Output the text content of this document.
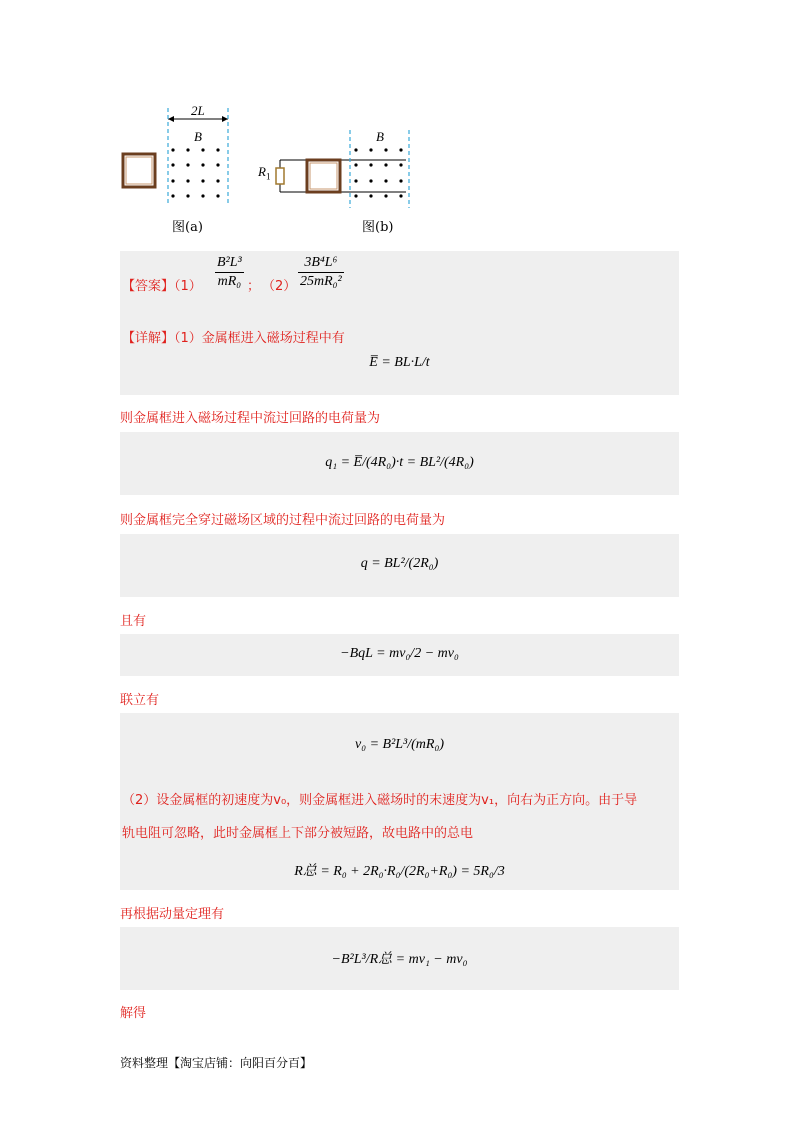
2L
B	B
$R_1$
图(a)	图(b)
【答案】$(1) \frac{\text{B²L³}}{\text{mR₀}}$ ； $(2) \frac{\text{3B⁴L⁶}}{\text{25mR₀²}}$
【详解】（1）金属框进入磁场过程中有
E̅ = BL·L/t
则金属框进入磁场过程中流过回路的电荷量为
q₁ = E̅/(4R₀)·t = BL²/(4R₀)
则金属框完全穿过磁场区域的过程中流过回路的电荷量为
q = BL²/(2R₀)
且有
−BqL = mv₀/2 − mv₀
联立有
v₀ = B²L³/(mR₀)
（2）设金属框的初速度为v₀，则金属框进入磁场时的末速度为v₁，向右为正方向。由于导
轨电阻可忽略，此时金属框上下部分被短路，故电路中的总电
R总 = R₀ + 2R₀·R₀/(2R₀+R₀) = 5R₀/3
再根据动量定理有
−B²L³/R总 = mv₁ − mv₀
解得
资料整理【淘宝店铺：向阳百分百】
